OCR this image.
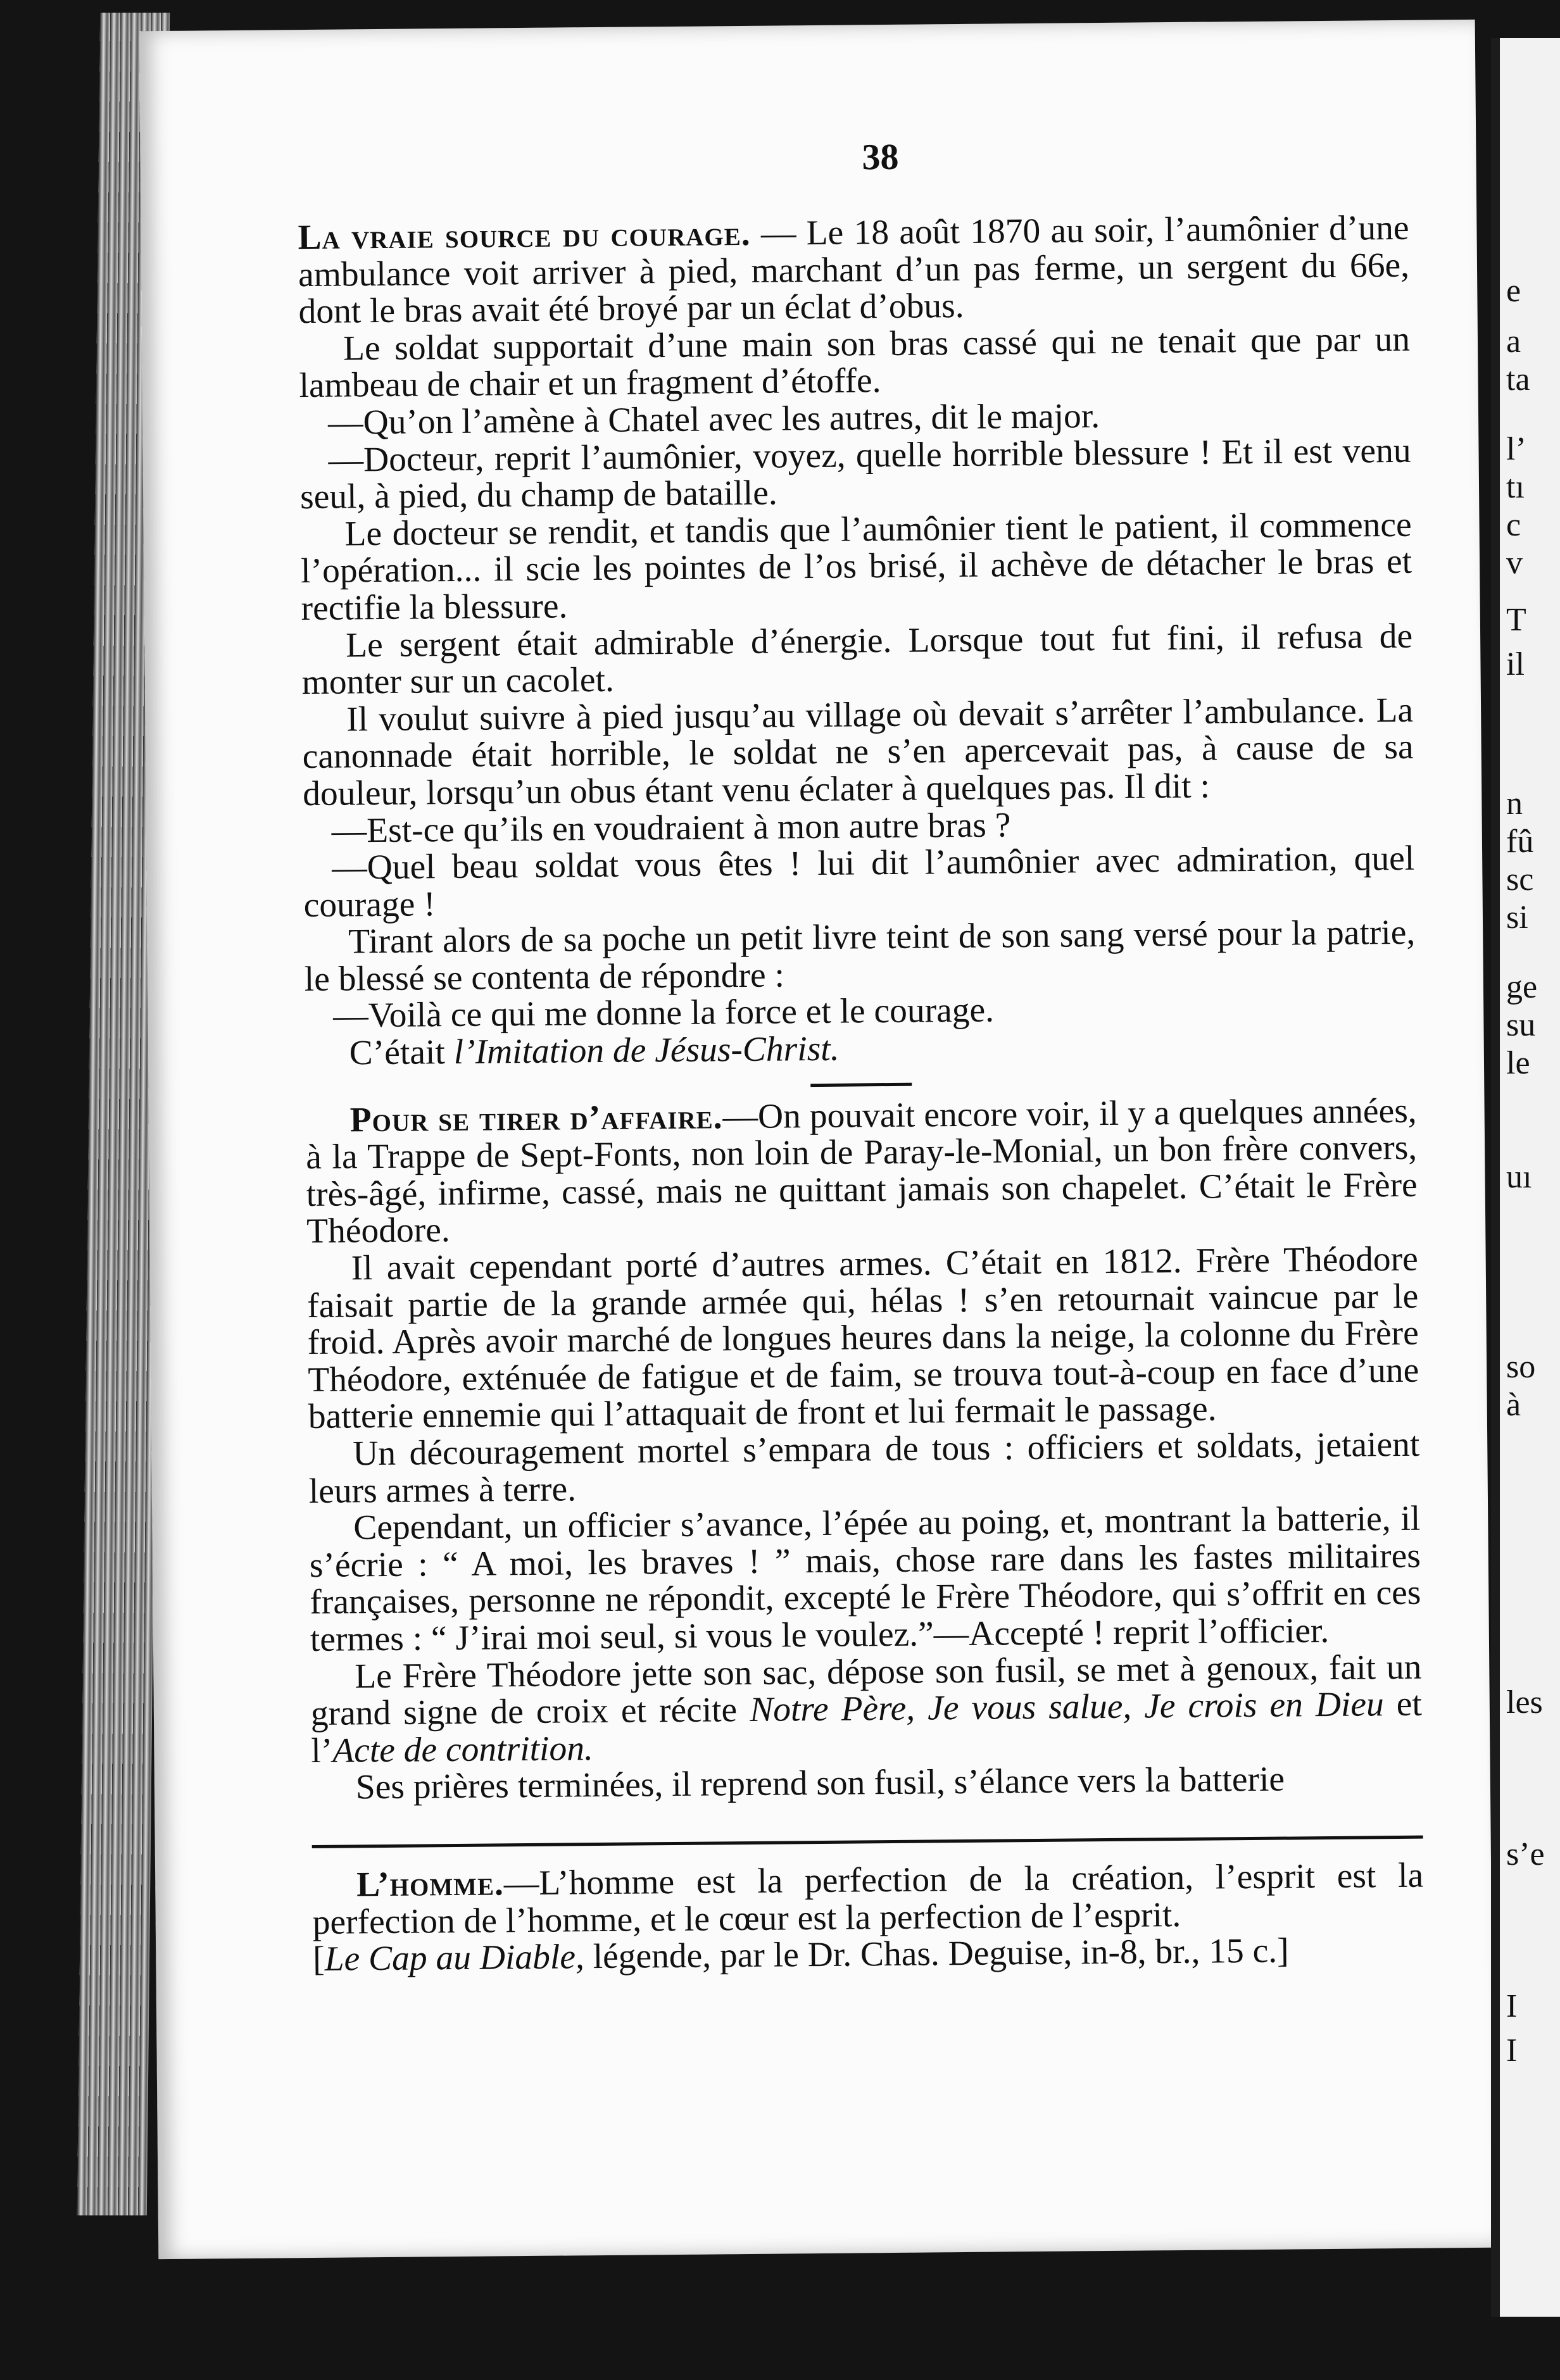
38

La vraie source du courage. — Le 18 août 1870 au soir, l’aumônier d’une ambulance voit arriver à pied, marchant d’un pas ferme, un sergent du 66e, dont le bras avait été broyé par un éclat d’obus.

Le soldat supportait d’une main son bras cassé qui ne tenait que par un lambeau de chair et un fragment d’étoffe.

—Qu’on l’amène à Chatel avec les autres, dit le major.

—Docteur, reprit l’aumônier, voyez, quelle horrible blessure ! Et il est venu seul, à pied, du champ de bataille.

Le docteur se rendit, et tandis que l’aumônier tient le patient, il commence l’opération... il scie les pointes de l’os brisé, il achève de détacher le bras et rectifie la blessure.

Le sergent était admirable d’énergie. Lorsque tout fut fini, il refusa de monter sur un cacolet.

Il voulut suivre à pied jusqu’au village où devait s’arrêter l’ambulance. La canonnade était horrible, le soldat ne s’en apercevait pas, à cause de sa douleur, lorsqu’un obus étant venu éclater à quelques pas. Il dit :

—Est-ce qu’ils en voudraient à mon autre bras ?

—Quel beau soldat vous êtes ! lui dit l’aumônier avec admiration, quel courage !

Tirant alors de sa poche un petit livre teint de son sang versé pour la patrie, le blessé se contenta de répondre :

—Voilà ce qui me donne la force et le courage.

C’était l’Imitation de Jésus-Christ.

Pour se tirer d’affaire.—On pouvait encore voir, il y a quelques années, à la Trappe de Sept-Fonts, non loin de Paray-le-Monial, un bon frère convers, très-âgé, infirme, cassé, mais ne quittant jamais son chapelet. C’était le Frère Théodore.

Il avait cependant porté d’autres armes. C’était en 1812. Frère Théodore faisait partie de la grande armée qui, hélas ! s’en retournait vaincue par le froid. Après avoir marché de longues heures dans la neige, la colonne du Frère Théodore, exténuée de fatigue et de faim, se trouva tout-à-coup en face d’une batterie ennemie qui l’attaquait de front et lui fermait le passage.

Un découragement mortel s’empara de tous : officiers et soldats, jetaient leurs armes à terre.

Cependant, un officier s’avance, l’épée au poing, et, montrant la batterie, il s’écrie : “ A moi, les braves ! ” mais, chose rare dans les fastes militaires françaises, personne ne répondit, excepté le Frère Théodore, qui s’offrit en ces termes : “ J’irai moi seul, si vous le voulez.”—Accepté ! reprit l’officier.

Le Frère Théodore jette son sac, dépose son fusil, se met à genoux, fait un grand signe de croix et récite Notre Père, Je vous salue, Je crois en Dieu et l’Acte de contrition.

Ses prières terminées, il reprend son fusil, s’élance vers la batterie

L’homme.—L’homme est la perfection de la création, l’esprit est la perfection de l’homme, et le cœur est la perfection de l’esprit.

[Le Cap au Diable, légende, par le Dr. Chas. Deguise, in-8, br., 15 c.]

e
a
ta
l’
tı
c
v
T
il
n
fû
sc
si
ge
su
le
uı
so
à
les
s’e
I
I
